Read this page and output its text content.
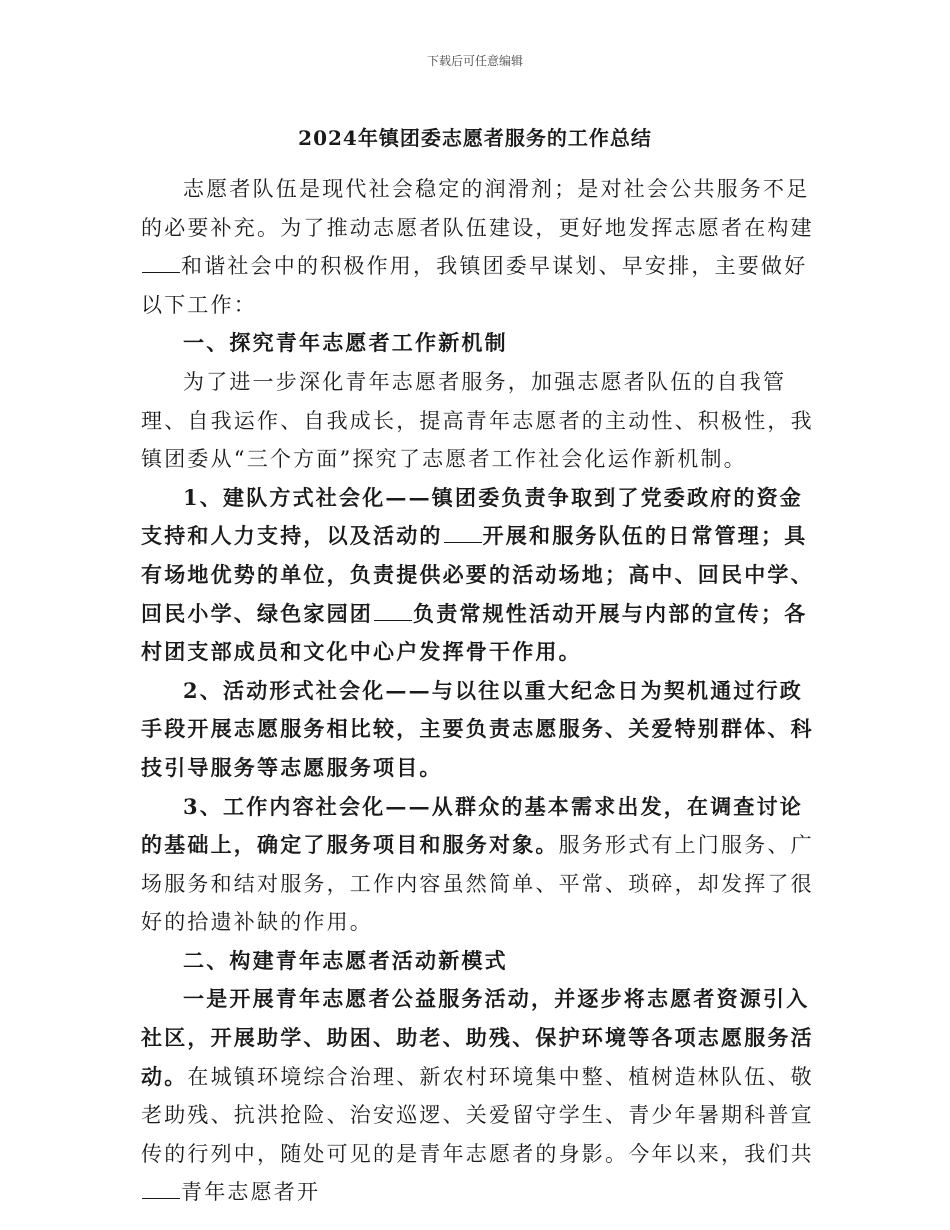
下载后可任意编辑
2024年镇团委志愿者服务的工作总结

志愿者队伍是现代社会稳定的润滑剂；是对社会公共服务不足的必要补充。为了推动志愿者队伍建设，更好地发挥志愿者在构建和谐社会中的积极作用，我镇团委早谋划、早安排，主要做好以下工作：

一、探究青年志愿者工作新机制

为了进一步深化青年志愿者服务，加强志愿者队伍的自我管理、自我运作、自我成长，提高青年志愿者的主动性、积极性，我镇团委从“三个方面”探究了志愿者工作社会化运作新机制。

1、建队方式社会化——镇团委负责争取到了党委政府的资金支持和人力支持，以及活动的 开展和服务队伍的日常管理；具有场地优势的单位，负责提供必要的活动场地；高中、回民中学、回民小学、绿色家园团 负责常规性活动开展与内部的宣传；各村团支部成员和文化中心户发挥骨干作用。

2、活动形式社会化——与以往以重大纪念日为契机通过行政手段开展志愿服务相比较，主要负责志愿服务、关爱特别群体、科技引导服务等志愿服务项目。

3、工作内容社会化——从群众的基本需求出发，在调查讨论的基础上，确定了服务项目和服务对象。服务形式有上门服务、广场服务和结对服务，工作内容虽然简单、平常、琐碎，却发挥了很好的拾遗补缺的作用。

二、构建青年志愿者活动新模式

一是开展青年志愿者公益服务活动，并逐步将志愿者资源引入社区，开展助学、助困、助老、助残、保护环境等各项志愿服务活动。在城镇环境综合治理、新农村环境集中整、植树造林队伍、敬老助残、抗洪抢险、治安巡逻、关爱留守学生、青少年暑期科普宣传的行列中，随处可见的是青年志愿者的身影。今年以来，我们共青年志愿者开
